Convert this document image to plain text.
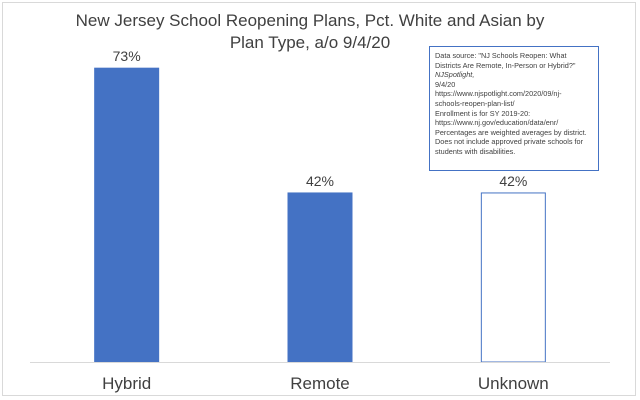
New Jersey School Reopening Plans, Pct. White and Asian by Plan Type, a/o 9/4/20
73%
Hybrid
42%
Remote
42%
Unknown
Data source: "NJ Schools Reopen: What
Districts Are Remote, In-Person or Hybrid?"
NJSpotlight,
9/4/20
https://www.njspotlight.com/2020/09/nj-
schools-reopen-plan-list/
Enrollment is for SY 2019-20:
https://www.nj.gov/education/data/enr/
Percentages are weighted averages by district.
Does not include approved private schools for
students with disabilities.
